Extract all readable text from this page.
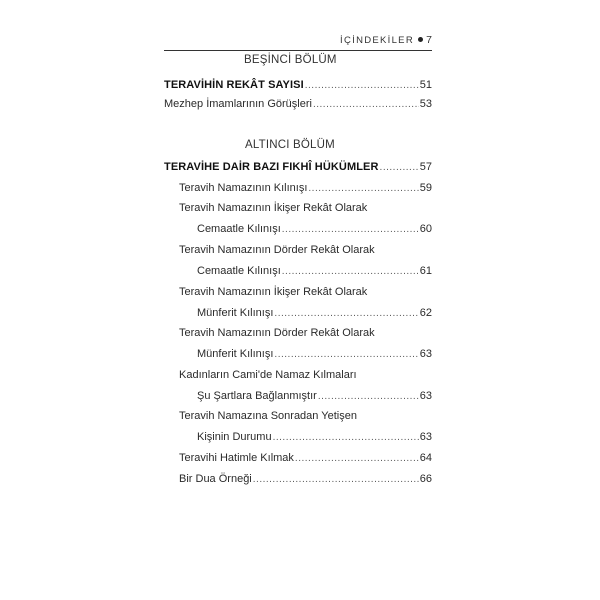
İÇİNDEKİLER 7
BEŞİNCİ BÖLÜM
TERAVİHİN REKÂT SAYISI .....	51
Mezhep İmamlarının Görüşleri .....	53
ALTINCI BÖLÜM
TERAVİHE DAİR BAZI FIKHÎ HÜKÜMLER .....	57
Teravih Namazının Kılınışı .....	59
Teravih Namazının İkişer Rekât Olarak
Cemaatle Kılınışı .....	60
Teravih Namazının Dörder Rekât Olarak
Cemaatle Kılınışı .....	61
Teravih Namazının İkişer Rekât Olarak
Münferit Kılınışı .....	62
Teravih Namazının Dörder Rekât Olarak
Münferit Kılınışı .....	63
Kadınların Cami'de Namaz Kılmaları
Şu Şartlara Bağlanmıştır .....	63
Teravih Namazına Sonradan Yetişen
Kişinin Durumu .....	63
Teravihi Hatimle Kılmak .....	64
Bir Dua Örneği .....	66
